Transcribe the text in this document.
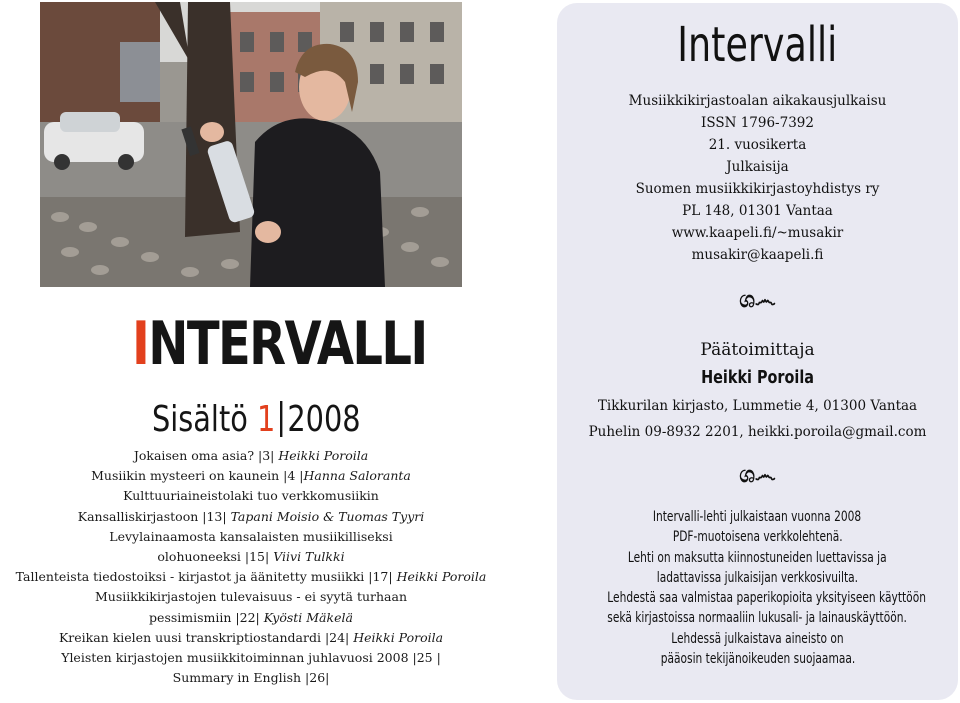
INTERVALLI
Sisältö 1 2008
Jokaisen oma asia? |3| Heikki Poroila
Musiikin mysteeri on kaunein |4 |Hanna Saloranta
Kulttuuriaineistolaki tuo verkkomusiikin
Kansalliskirjastoon |13| Tapani Moisio & Tuomas Tyyri
Levylainaamosta kansalaisten musiikilliseksi
olohuoneeksi |15| Viivi Tulkki
Tallenteista tiedostoiksi - kirjastot ja äänitetty musiikki |17| Heikki Poroila
Musiikkikirjastojen tulevaisuus - ei syytä turhaan
pessimismiin |22| Kyösti Mäkelä
Kreikan kielen uusi transkriptiostandardi |24| Heikki Poroila
Yleisten kirjastojen musiikkitoiminnan juhlavuosi 2008 |25 |
Summary in English |26|
Intervalli
Musiikkikirjastoalan aikakausjulkaisu
ISSN 1796-7392
21. vuosikerta
Julkaisija
Suomen musiikkikirjastoyhdistys ry
PL 148, 01301 Vantaa
www.kaapeli.fi/~musakir
musakir@kaapeli.fi
ශ෴
Päätoimittaja
Heikki Poroila
Tikkurilan kirjasto, Lummetie 4, 01300 Vantaa
Puhelin 09-8932 2201, heikki.poroila@gmail.com
ශ෴
Intervalli-lehti julkaistaan vuonna 2008
PDF-muotoisena verkkolehtenä.
Lehti on maksutta kiinnostuneiden luettavissa ja
ladattavissa julkaisijan verkkosivuilta.
Lehdestä saa valmistaa paperikopioita yksityiseen käyttöön
sekä kirjastoissa normaaliin lukusali- ja lainauskäyttöön.
Lehdessä julkaistava aineisto on
pääosin tekijänoikeuden suojaamaa.
